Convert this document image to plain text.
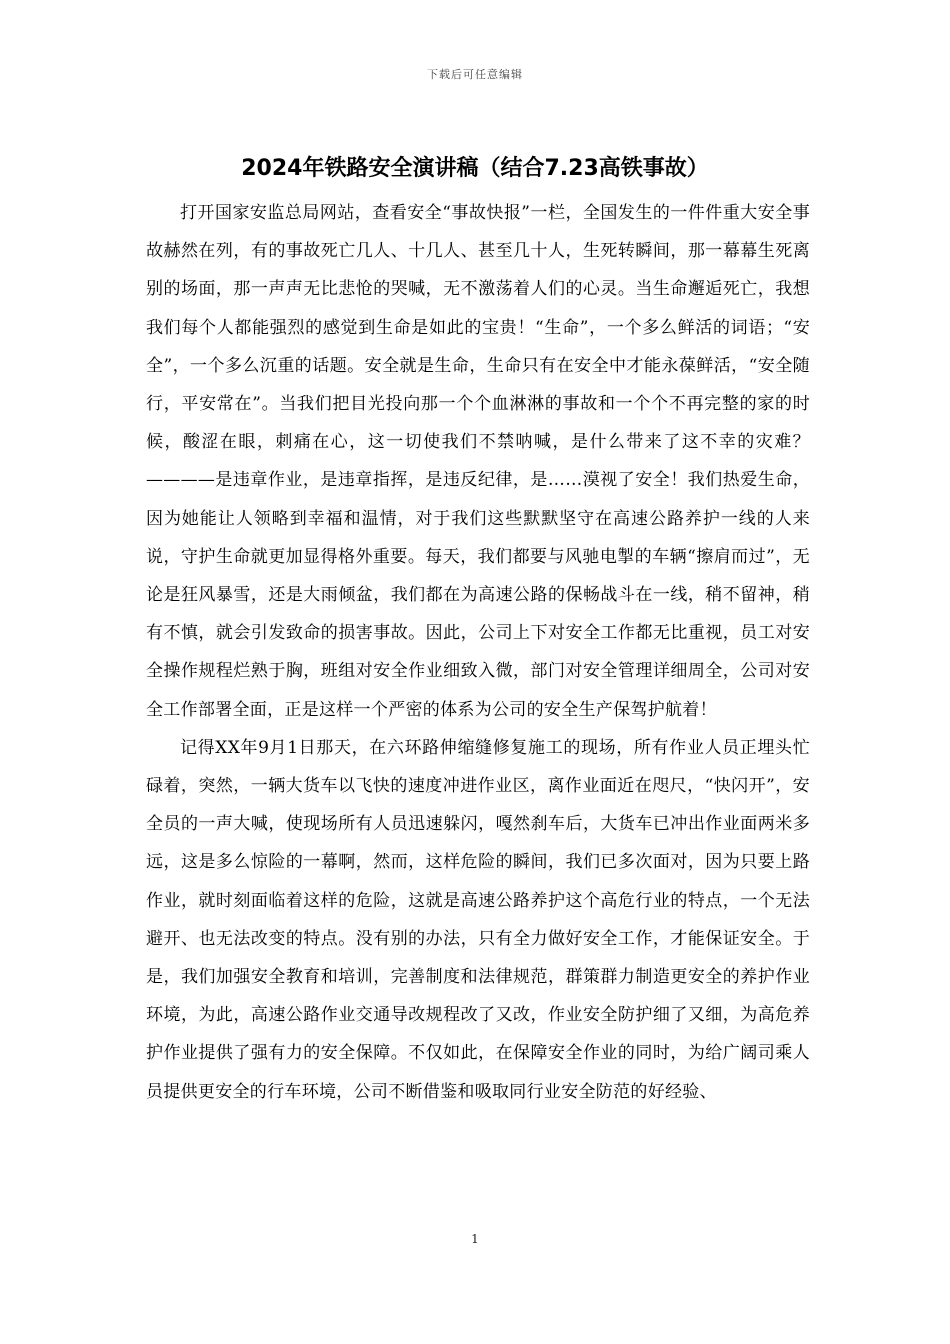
下载后可任意编辑
2024年铁路安全演讲稿（结合7.23高铁事故）

打开国家安监总局网站，查看安全“事故快报”一栏，全国发生的一件件重大安全事故赫然在列，有的事故死亡几人、十几人、甚至几十人，生死转瞬间，那一幕幕生死离别的场面，那一声声无比悲怆的哭喊，无不激荡着人们的心灵。当生命邂逅死亡，我想我们每个人都能强烈的感觉到生命是如此的宝贵！“生命”，一个多么鲜活的词语；“安全”，一个多么沉重的话题。安全就是生命，生命只有在安全中才能永葆鲜活，“安全随行，平安常在”。当我们把目光投向那一个个血淋淋的事故和一个个不再完整的家的时候，酸涩在眼，刺痛在心，这一切使我们不禁呐喊，是什么带来了这不幸的灾难？————是违章作业，是违章指挥，是违反纪律，是……漠视了安全！我们热爱生命，因为她能让人领略到幸福和温情，对于我们这些默默坚守在高速公路养护一线的人来说，守护生命就更加显得格外重要。每天，我们都要与风驰电掣的车辆“擦肩而过”，无论是狂风暴雪，还是大雨倾盆，我们都在为高速公路的保畅战斗在一线，稍不留神，稍有不慎，就会引发致命的损害事故。因此，公司上下对安全工作都无比重视，员工对安全操作规程烂熟于胸，班组对安全作业细致入微，部门对安全管理详细周全，公司对安全工作部署全面，正是这样一个严密的体系为公司的安全生产保驾护航着！

记得XX年9月1日那天，在六环路伸缩缝修复施工的现场，所有作业人员正埋头忙碌着，突然，一辆大货车以飞快的速度冲进作业区，离作业面近在咫尺，“快闪开”，安全员的一声大喊，使现场所有人员迅速躲闪，嘎然刹车后，大货车已冲出作业面两米多远，这是多么惊险的一幕啊，然而，这样危险的瞬间，我们已多次面对，因为只要上路作业，就时刻面临着这样的危险，这就是高速公路养护这个高危行业的特点，一个无法避开、也无法改变的特点。没有别的办法，只有全力做好安全工作，才能保证安全。于是，我们加强安全教育和培训，完善制度和法律规范，群策群力制造更安全的养护作业环境，为此，高速公路作业交通导改规程改了又改，作业安全防护细了又细，为高危养护作业提供了强有力的安全保障。不仅如此，在保障安全作业的同时，为给广阔司乘人员提供更安全的行车环境，公司不断借鉴和吸取同行业安全防范的好经验、

1
